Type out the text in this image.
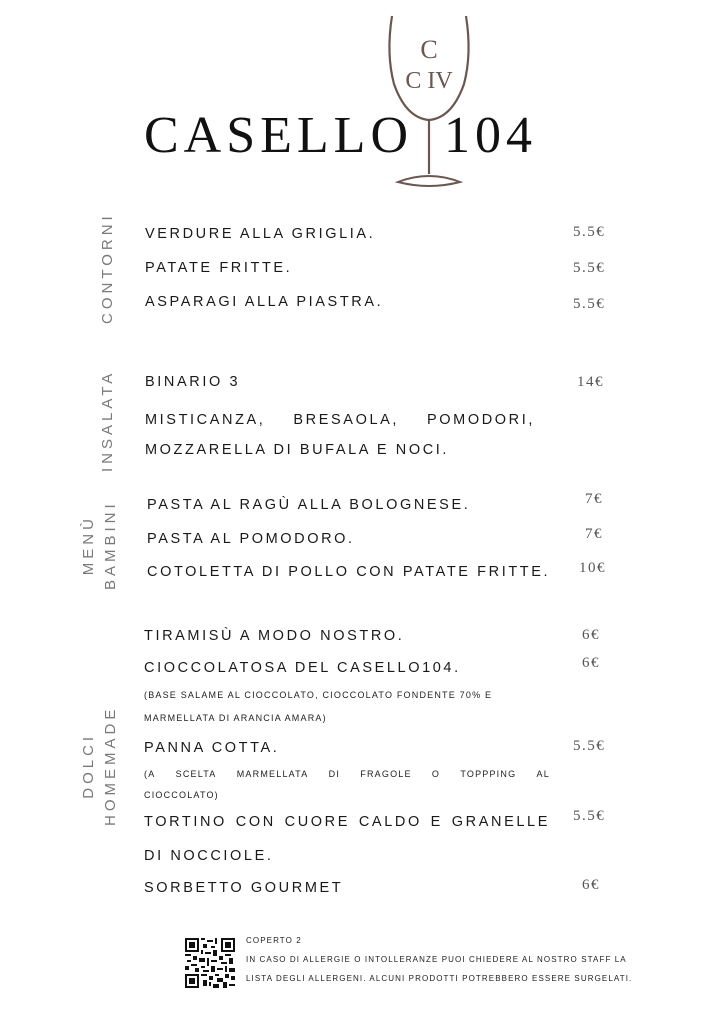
C
C IV
CASELLO 104
CONTORNI VERDURE ALLA GRIGLIA.	5.5€
PATATE FRITTE.	5.5€
ASPARAGI ALLA PIASTRA.	5.5€
INSALATA BINARIO 3	14€
MISTICANZA, BRESAOLA, POMODORI,
MOZZARELLA DI BUFALA E NOCI.
MENÙ BAMBINI PASTA AL RAGÙ ALLA BOLOGNESE.	7€
PASTA AL POMODORO.	7€
COTOLETTA DI POLLO CON PATATE FRITTE. 10€
DOLCI HOMEMADE
TIRAMISÙ A MODO NOSTRO.	6€
CIOCCOLATOSA DEL CASELLO104.	6€
(BASE SALAME AL CIOCCOLATO, CIOCCOLATO FONDENTE 70% E
MARMELLATA DI ARANCIA AMARA)
PANNA COTTA.	5.5€
(A SCELTA MARMELLATA DI FRAGOLE O TOPPPING AL
CIOCCOLATO)
TORTINO CON CUORE CALDO E GRANELLE 5.5€
DI NOCCIOLE.
SORBETTO GOURMET	6€
COPERTO 2
IN CASO DI ALLERGIE O INTOLLERANZE PUOI CHIEDERE AL NOSTRO STAFF LA
LISTA DEGLI ALLERGENI. ALCUNI PRODOTTI POTREBBERO ESSERE SURGELATI.
